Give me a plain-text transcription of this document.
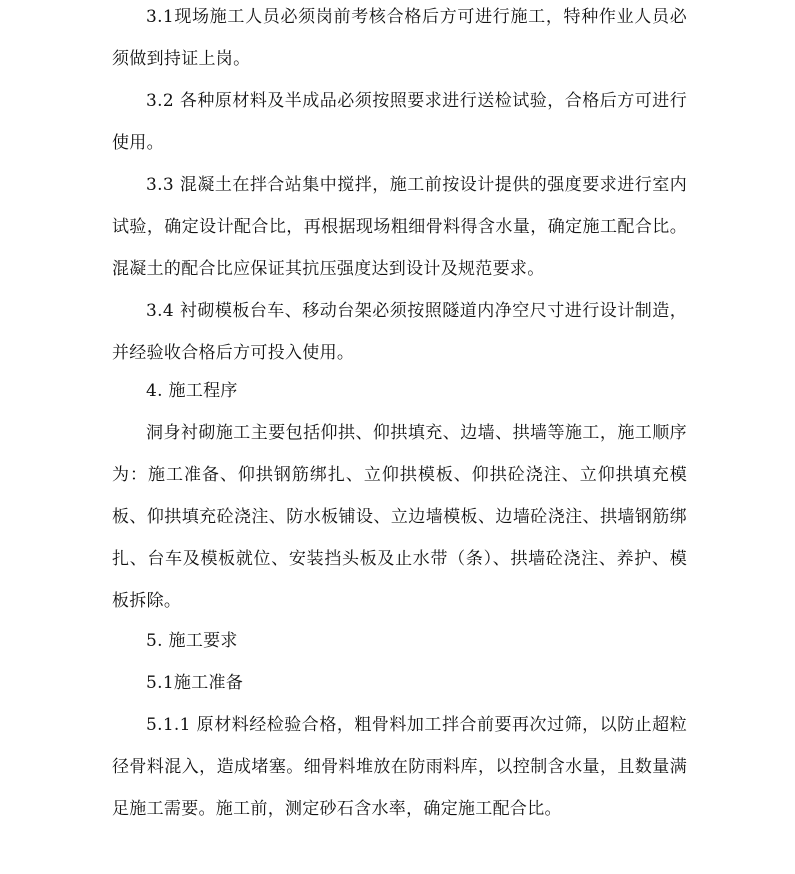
3.1现场施工人员必须岗前考核合格后方可进行施工，特种作业人员必须做到持证上岗。

3.2 各种原材料及半成品必须按照要求进行送检试验，合格后方可进行使用。

3.3 混凝土在拌合站集中搅拌，施工前按设计提供的强度要求进行室内试验，确定设计配合比，再根据现场粗细骨料得含水量，确定施工配合比。混凝土的配合比应保证其抗压强度达到设计及规范要求。

3.4 衬砌模板台车、移动台架必须按照隧道内净空尺寸进行设计制造，并经验收合格后方可投入使用。

4. 施工程序

洞身衬砌施工主要包括仰拱、仰拱填充、边墙、拱墙等施工，施工顺序为：施工准备、仰拱钢筋绑扎、立仰拱模板、仰拱砼浇注、立仰拱填充模板、仰拱填充砼浇注、防水板铺设、立边墙模板、边墙砼浇注、拱墙钢筋绑扎、台车及模板就位、安装挡头板及止水带（条）、拱墙砼浇注、养护、模板拆除。

5. 施工要求

5.1施工准备

5.1.1 原材料经检验合格，粗骨料加工拌合前要再次过筛，以防止超粒径骨料混入，造成堵塞。细骨料堆放在防雨料库，以控制含水量，且数量满足施工需要。施工前，测定砂石含水率，确定施工配合比。
